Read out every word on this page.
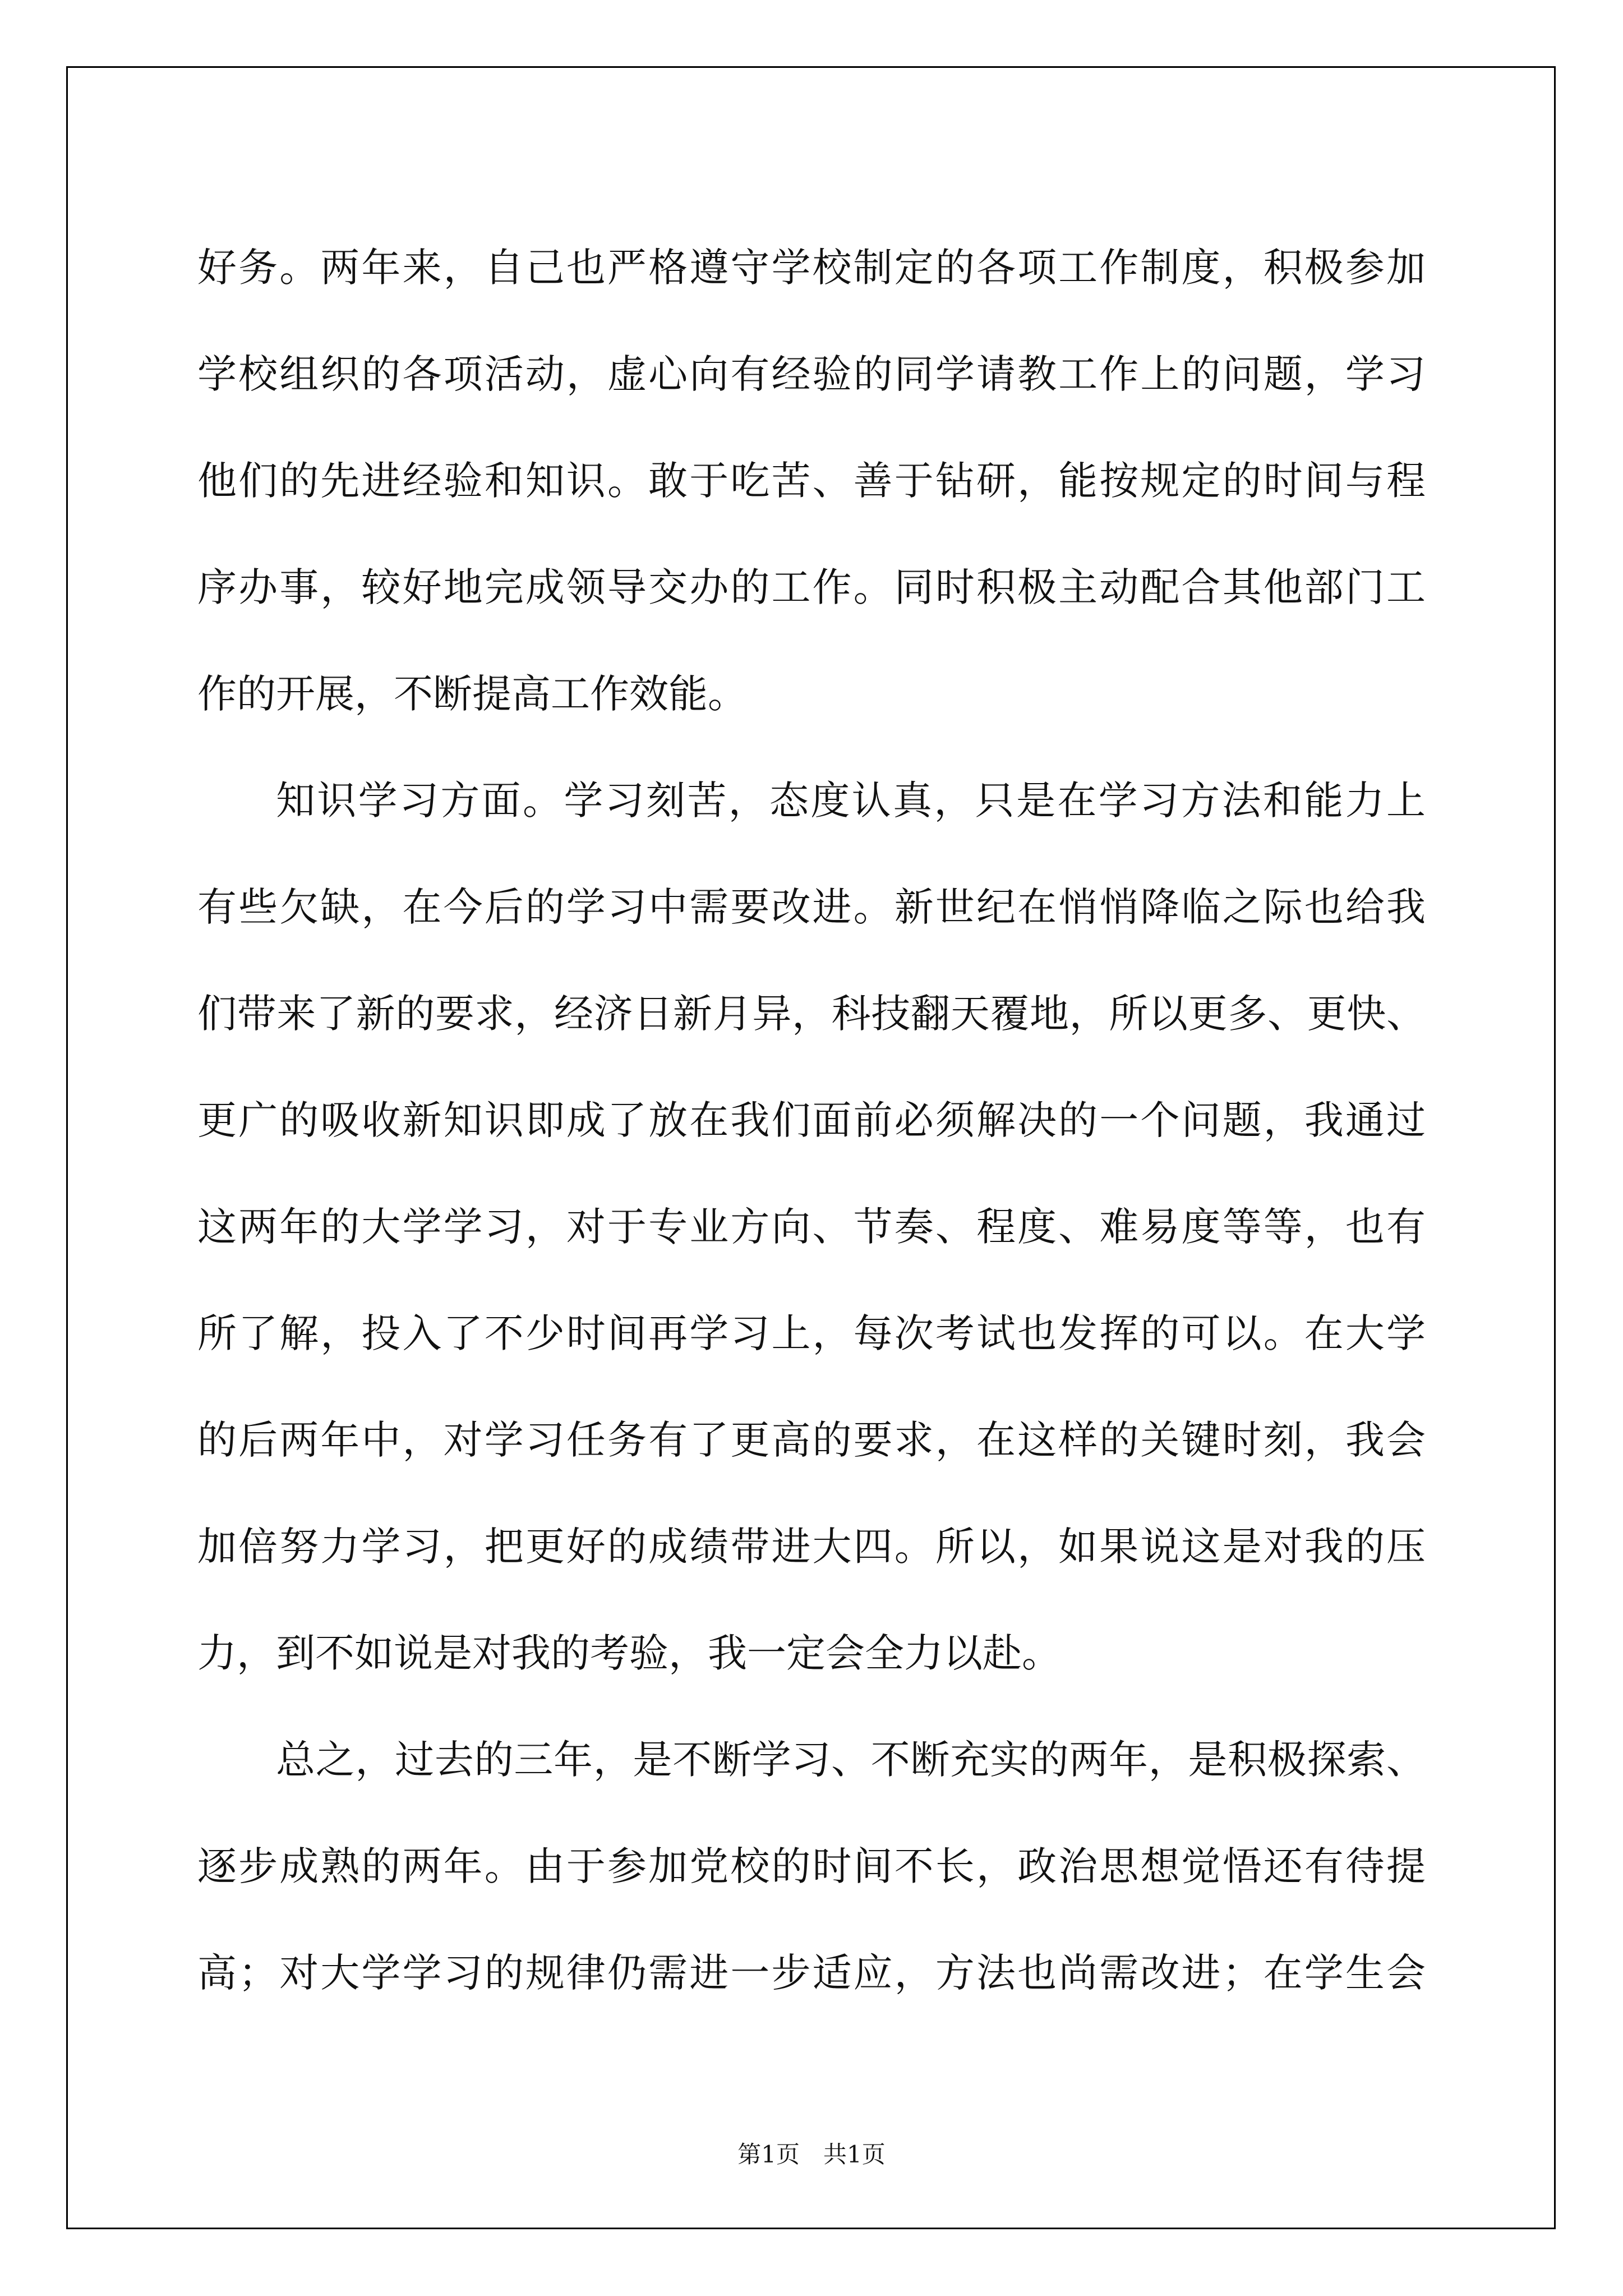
好务。两年来，自己也严格遵守学校制定的各项工作制度，积极参加
学校组织的各项活动，虚心向有经验的同学请教工作上的问题，学习
他们的先进经验和知识。敢于吃苦、善于钻研，能按规定的时间与程
序办事，较好地完成领导交办的工作。同时积极主动配合其他部门工
作的开展，不断提高工作效能。

知识学习方面。学习刻苦，态度认真，只是在学习方法和能力上
有些欠缺，在今后的学习中需要改进。新世纪在悄悄降临之际也给我
们带来了新的要求，经济日新月异，科技翻天覆地，所以更多、更快、
更广的吸收新知识即成了放在我们面前必须解决的一个问题，我通过
这两年的大学学习，对于专业方向、节奏、程度、难易度等等，也有
所了解，投入了不少时间再学习上，每次考试也发挥的可以。在大学
的后两年中，对学习任务有了更高的要求，在这样的关键时刻，我会
加倍努力学习，把更好的成绩带进大四。所以，如果说这是对我的压
力，到不如说是对我的考验，我一定会全力以赴。

总之，过去的三年，是不断学习、不断充实的两年，是积极探索、
逐步成熟的两年。由于参加党校的时间不长，政治思想觉悟还有待提
高；对大学学习的规律仍需进一步适应，方法也尚需改进；在学生会

第1页　共1页
